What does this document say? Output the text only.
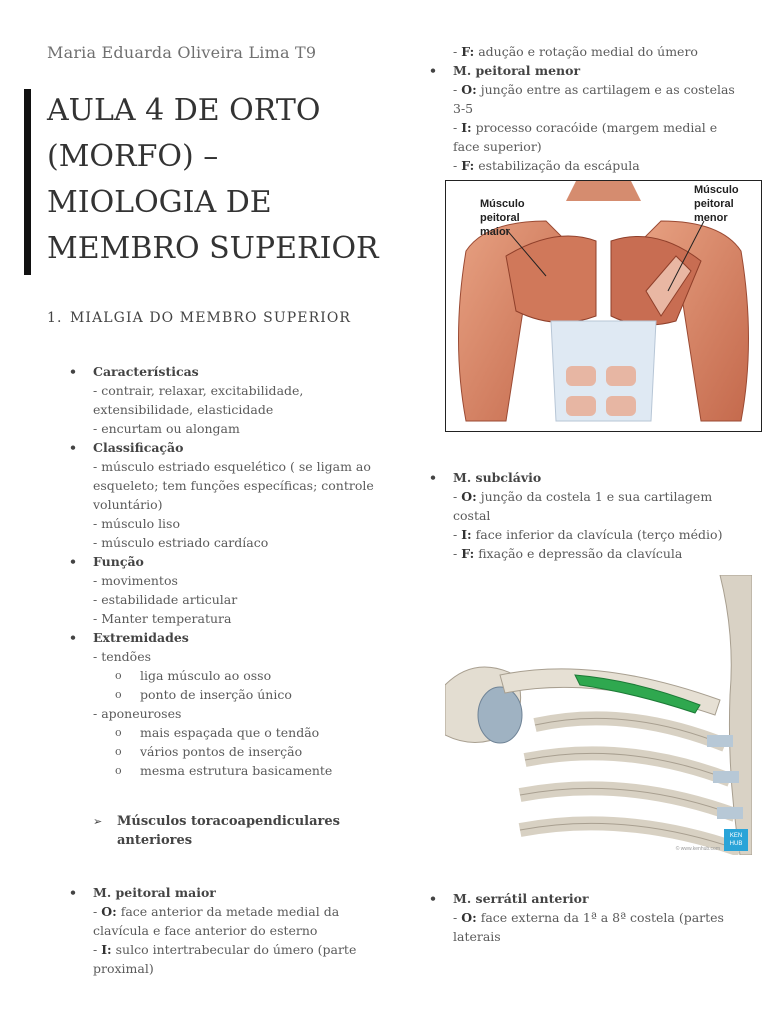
Maria Eduarda Oliveira Lima T9
AULA 4 DE ORTO
(MORFO) –
MIOLOGIA DE
MEMBRO SUPERIOR
1. MIALGIA DO MEMBRO SUPERIOR

• Características

- contrair, relaxar, excitabilidade,

extensibilidade, elasticidade

- encurtam ou alongam

• Classificação

- músculo estriado esquelético ( se ligam ao

esqueleto; tem funções específicas; controle

voluntário)

- músculo liso

- músculo estriado cardíaco

• Função

- movimentos

- estabilidade articular

- Manter temperatura

• Extremidades

- tendões

o liga músculo ao osso

o ponto de inserção único

- aponeuroses

o mais espaçada que o tendão

o vários pontos de inserção

o mesma estrutura basicamente

➢ Músculos toracoapendiculares
anteriores

• M. peitoral maior

- O: face anterior da metade medial da

clavícula e face anterior do esterno

- I: sulco intertrabecular do úmero (parte

proximal)

- F: adução e rotação medial do úmero

• M. peitoral menor

- O: junção entre as cartilagem e as costelas

3-5

- I: processo coracóide (margem medial e

face superior)

- F: estabilização da escápula

Músculo
peitoral
maior
Músculo
peitoral
menor

• M. subclávio

- O: junção da costela 1 e sua cartilagem

costal

- I: face inferior da clavícula (terço médio)

- F: fixação e depressão da clavícula

KEN
HUB
© www.kenhub.com

• M. serrátil anterior

- O: face externa da 1ª a 8ª costela (partes

laterais
